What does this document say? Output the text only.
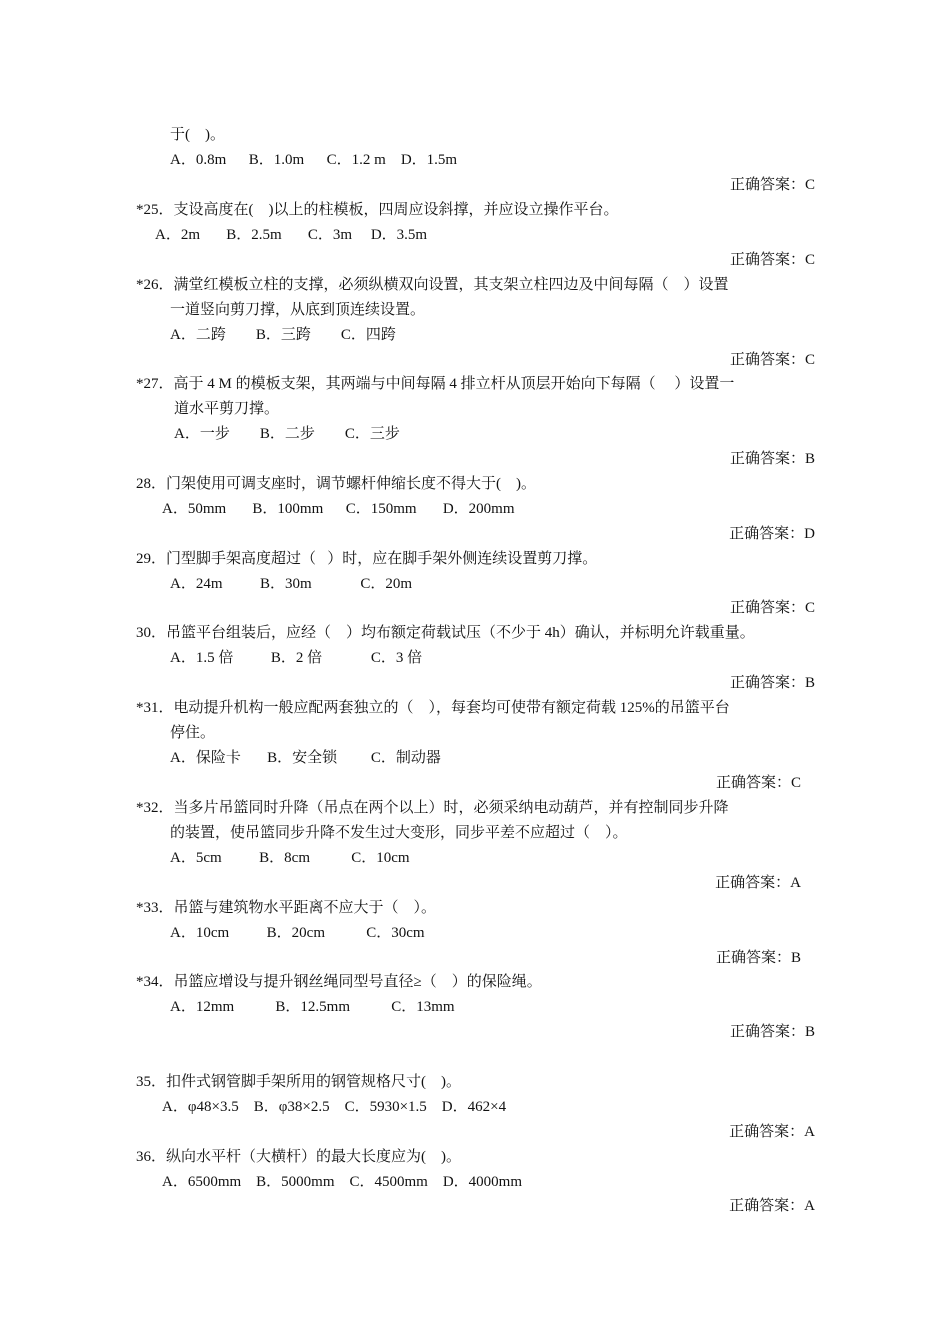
于(    )。
A．0.8m      B．1.0m      C．1.2 m    D．1.5m
正确答案：C
*25．支设高度在(    )以上的柱模板，四周应设斜撑，并应设立操作平台。
A．2m       B．2.5m       C．3m     D．3.5m
正确答案：C
*26．满堂红模板立柱的支撑，必须纵横双向设置，其支架立柱四边及中间每隔（    ）设置
一道竖向剪刀撑，从底到顶连续设置。
A．二跨        B．三跨        C．四跨
正确答案：C
*27．高于 4 M 的模板支架，其两端与中间每隔 4 排立杆从顶层开始向下每隔（     ）设置一
道水平剪刀撑。
A．一步        B．二步        C．三步
正确答案：B
28．门架使用可调支座时，调节螺杆伸缩长度不得大于(    )。
A．50mm       B．100mm      C．150mm       D．200mm
正确答案：D
29．门型脚手架高度超过（   ）时，应在脚手架外侧连续设置剪刀撑。
A．24m          B．30m             C．20m
正确答案：C
30．吊篮平台组装后，应经（    ）均布额定荷载试压（不少于 4h）确认，并标明允许载重量。
A．1.5 倍          B．2 倍             C．3 倍
正确答案：B
*31．电动提升机构一般应配两套独立的（    ），每套均可使带有额定荷载 125%的吊篮平台
停住。
A．保险卡       B．安全锁         C．制动器
正确答案：C
*32．当多片吊篮同时升降（吊点在两个以上）时，必须采纳电动葫芦，并有控制同步升降
的装置，使吊篮同步升降不发生过大变形，同步平差不应超过（    ）。
A．5cm          B．8cm           C．10cm
正确答案：A
*33．吊篮与建筑物水平距离不应大于（    ）。
A．10cm          B．20cm           C．30cm
正确答案：B
*34．吊篮应增设与提升钢丝绳同型号直径≥（    ）的保险绳。
A．12mm           B．12.5mm           C．13mm
正确答案：B
35．扣件式钢管脚手架所用的钢管规格尺寸(    )。
A．φ48×3.5    B．φ38×2.5    C．5930×1.5    D．462×4
正确答案：A
36．纵向水平杆（大横杆）的最大长度应为(    )。
A．6500mm    B．5000mm    C．4500mm    D．4000mm
正确答案：A
